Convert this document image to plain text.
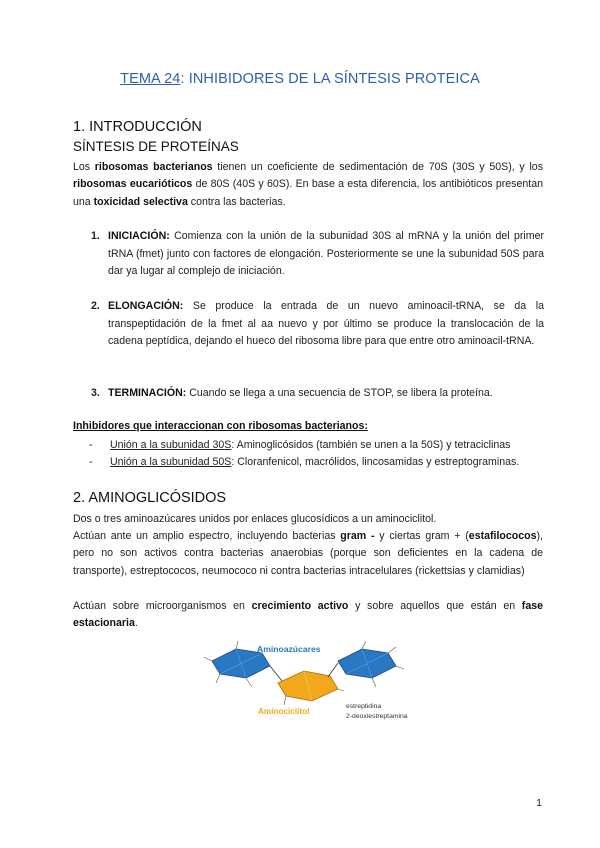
TEMA 24: INHIBIDORES DE LA SÍNTESIS PROTEICA
1. INTRODUCCIÓN
SÍNTESIS DE PROTEÍNAS
Los ribosomas bacterianos tienen un coeficiente de sedimentación de 70S (30S y 50S), y los ribosomas eucarióticos de 80S (40S y 60S). En base a esta diferencia, los antibióticos presentan una toxicidad selectiva contra las bacterias.
1. INICIACIÓN: Comienza con la unión de la subunidad 30S al mRNA y la unión del primer tRNA (fmet) junto con factores de elongación. Posteriormente se une la subunidad 50S para dar ya lugar al complejo de iniciación.
2. ELONGACIÓN: Se produce la entrada de un nuevo aminoacil-tRNA, se da la transpeptidación de la fmet al aa nuevo y por último se produce la translocación de la cadena peptídica, dejando el hueco del ribosoma libre para que entre otro aminoacil-tRNA.
3. TERMINACIÓN: Cuando se llega a una secuencia de STOP, se libera la proteína.
Inhibidores que interaccionan con ribosomas bacterianos:
- Unión a la subunidad 30S: Aminoglicósidos (también se unen a la 50S) y tetraciclinas
- Unión a la subunidad 50S: Cloranfenicol, macrólidos, lincosamidas y estreptograminas.
2. AMINOGLICÓSIDOS
Dos o tres aminoazúcares unidos por enlaces glucosídicos a un aminociclitol.
Actúan ante un amplio espectro, incluyendo bacterias gram - y ciertas gram + (estafilococos), pero no son activos contra bacterias anaerobias (porque son deficientes en la cadena de transporte), estreptococos, neumococo ni contra bacterias intracelulares (rickettsias y clamidias)
Actúan sobre microorganismos en crecimiento activo y sobre aquellos que están en fase estacionaria.
Aminoazúcares
Aminociclitol
estreptidina
2-deoxiestreptamina
1
